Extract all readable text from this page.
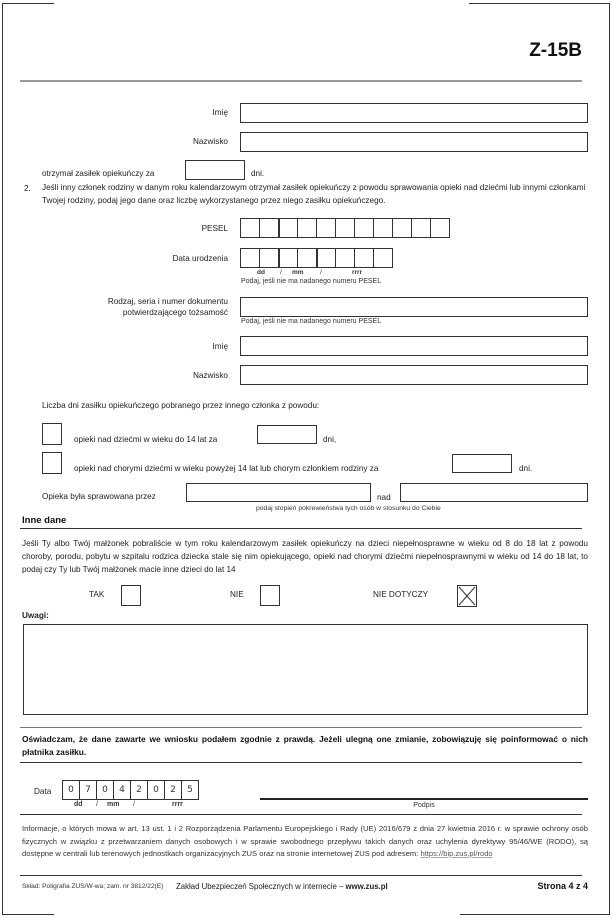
Z-15B
Imię
Nazwisko
otrzymał zasiłek opiekuńczy za	dni.
2. Jeśli inny członek rodziny w danym roku kalendarzowym otrzymał zasiłek opiekuńczy z powodu sprawowania opieki nad dziećmi lub innymi członkami Twojej rodziny, podaj jego dane oraz liczbę wykorzystanego przez niego zasiłku opiekuńczego.
PESEL
Data urodzenia
dd / mm	/	rrrr
Podaj, jeśli nie ma nadanego numeru PESEL
Rodzaj, seria i numer dokumentu
potwierdzającego tożsamość
Podaj, jeśli nie ma nadanego numeru PESEL
Imię
Nazwisko
Liczba dni zasiłku opiekuńczego pobranego przez innego członka z powodu:
opieki nad dziećmi w wieku do 14 lat za	dni,
opieki nad chorymi dziećmi w wieku powyżej 14 lat lub chorym członkiem rodziny za	dni.
Opieka była sprawowana przez	nad
podaj stopień pokrewieństwa tych osób w stosunku do Ciebie
Inne dane
Jeśli Ty albo Twój małżonek pobraliście w tym roku kalendarzowym zasiłek opiekuńczy na dzieci niepełnosprawne w wieku od 8 do 18 lat z powodu choroby, porodu, pobytu w szpitalu rodzica dziecka stale się nim opiekującego, opieki nad chorymi dziećmi niepełnosprawnymi w wieku od 14 do 18 lat, to podaj czy Ty lub Twój małżonek macie inne dzieci do lat 14
TAK	NIE	NIE DOTYCZY
Uwagi:
Oświadczam, że dane zawarte we wniosku podałem zgodnie z prawdą. Jeżeli ulegną one zmianie, zobowiązuję się poinformować o nich płatnika zasiłku.
Data	0	7	0	4	2	0	2	5
dd / mm /	rrrr	Podpis
Informacje, o których mowa w art. 13 ust. 1 i 2 Rozporządzenia Parlamentu Europejskiego i Rady (UE) 2016/679 z dnia 27 kwietnia 2016 r. w sprawie ochrony osób fizycznych w związku z przetwarzaniem danych osobowych i w sprawie swobodnego przepływu takich danych oraz uchylenia dyrektywy 95/46/WE (RODO), są dostępne w centrali lub terenowych jednostkach organizacyjnych ZUS oraz na stronie internetowej ZUS pod adresem: https://bip.zus.pl/rodo
Skład: Poligrafia ZUS/W-wa; zam. nr 3812/22(E) Zakład Ubezpieczeń Społecznych w internecie – www.zus.pl	Strona 4 z 4
